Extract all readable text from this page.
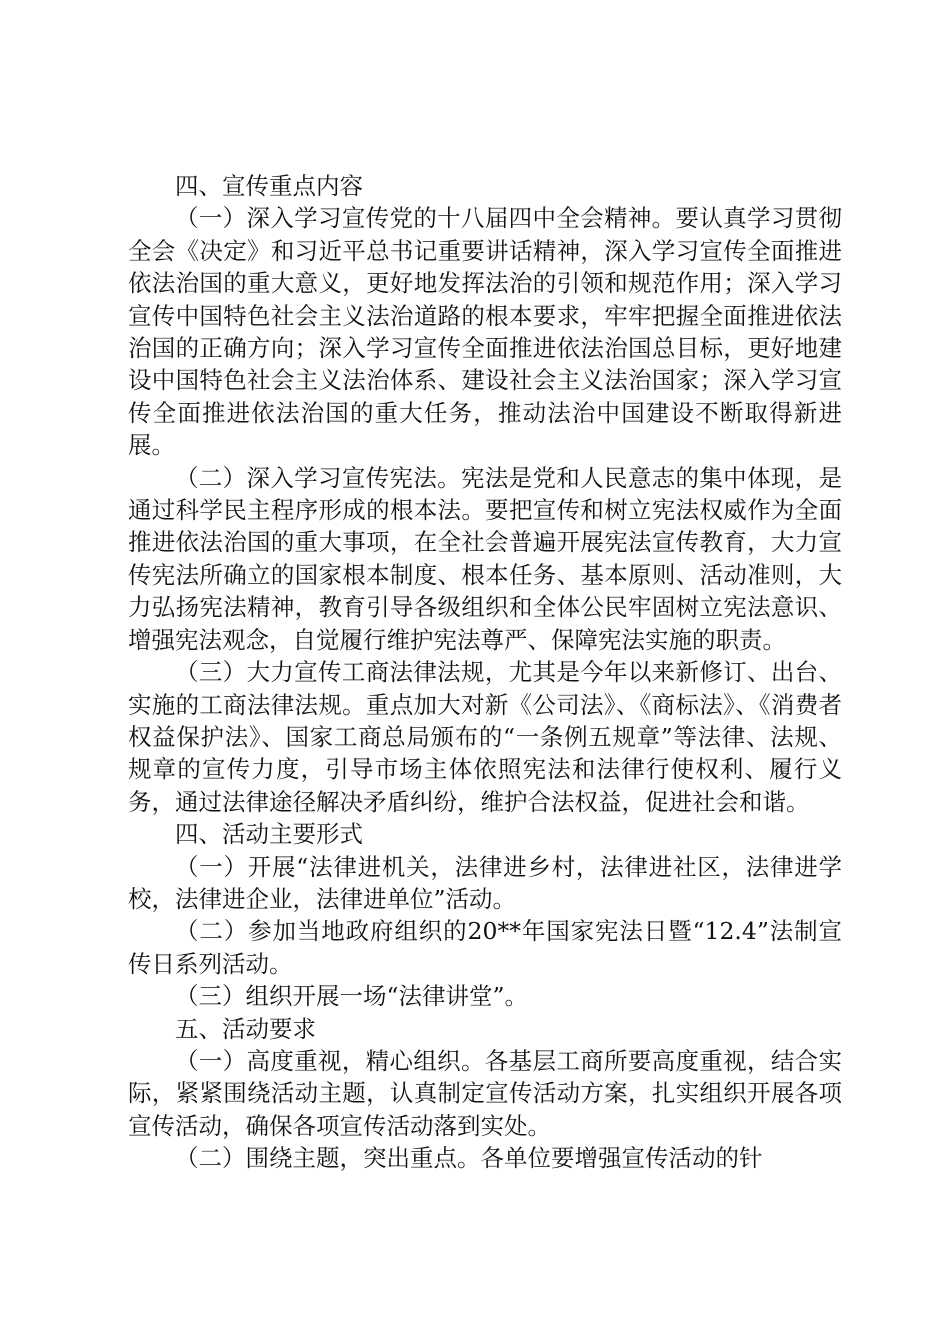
四、宣传重点内容

（一）深入学习宣传党的十八届四中全会精神。要认真学习贯彻全会《决定》和习近平总书记重要讲话精神，深入学习宣传全面推进依法治国的重大意义，更好地发挥法治的引领和规范作用；深入学习宣传中国特色社会主义法治道路的根本要求，牢牢把握全面推进依法治国的正确方向；深入学习宣传全面推进依法治国总目标，更好地建设中国特色社会主义法治体系、建设社会主义法治国家；深入学习宣传全面推进依法治国的重大任务，推动法治中国建设不断取得新进展。

（二）深入学习宣传宪法。宪法是党和人民意志的集中体现，是通过科学民主程序形成的根本法。要把宣传和树立宪法权威作为全面推进依法治国的重大事项，在全社会普遍开展宪法宣传教育，大力宣传宪法所确立的国家根本制度、根本任务、基本原则、活动准则，大力弘扬宪法精神，教育引导各级组织和全体公民牢固树立宪法意识、增强宪法观念，自觉履行维护宪法尊严、保障宪法实施的职责。

（三）大力宣传工商法律法规，尤其是今年以来新修订、出台、实施的工商法律法规。重点加大对新《公司法》、《商标法》、《消费者权益保护法》、国家工商总局颁布的“一条例五规章”等法律、法规、规章的宣传力度，引导市场主体依照宪法和法律行使权利、履行义务，通过法律途径解决矛盾纠纷，维护合法权益，促进社会和谐。

四、活动主要形式

（一）开展“法律进机关，法律进乡村，法律进社区，法律进学校，法律进企业，法律进单位”活动。

（二）参加当地政府组织的20**年国家宪法日暨“12.4”法制宣传日系列活动。

（三）组织开展一场“法律讲堂”。

五、活动要求

（一）高度重视，精心组织。各基层工商所要高度重视，结合实际，紧紧围绕活动主题，认真制定宣传活动方案，扎实组织开展各项宣传活动，确保各项宣传活动落到实处。

（二）围绕主题，突出重点。各单位要增强宣传活动的针
